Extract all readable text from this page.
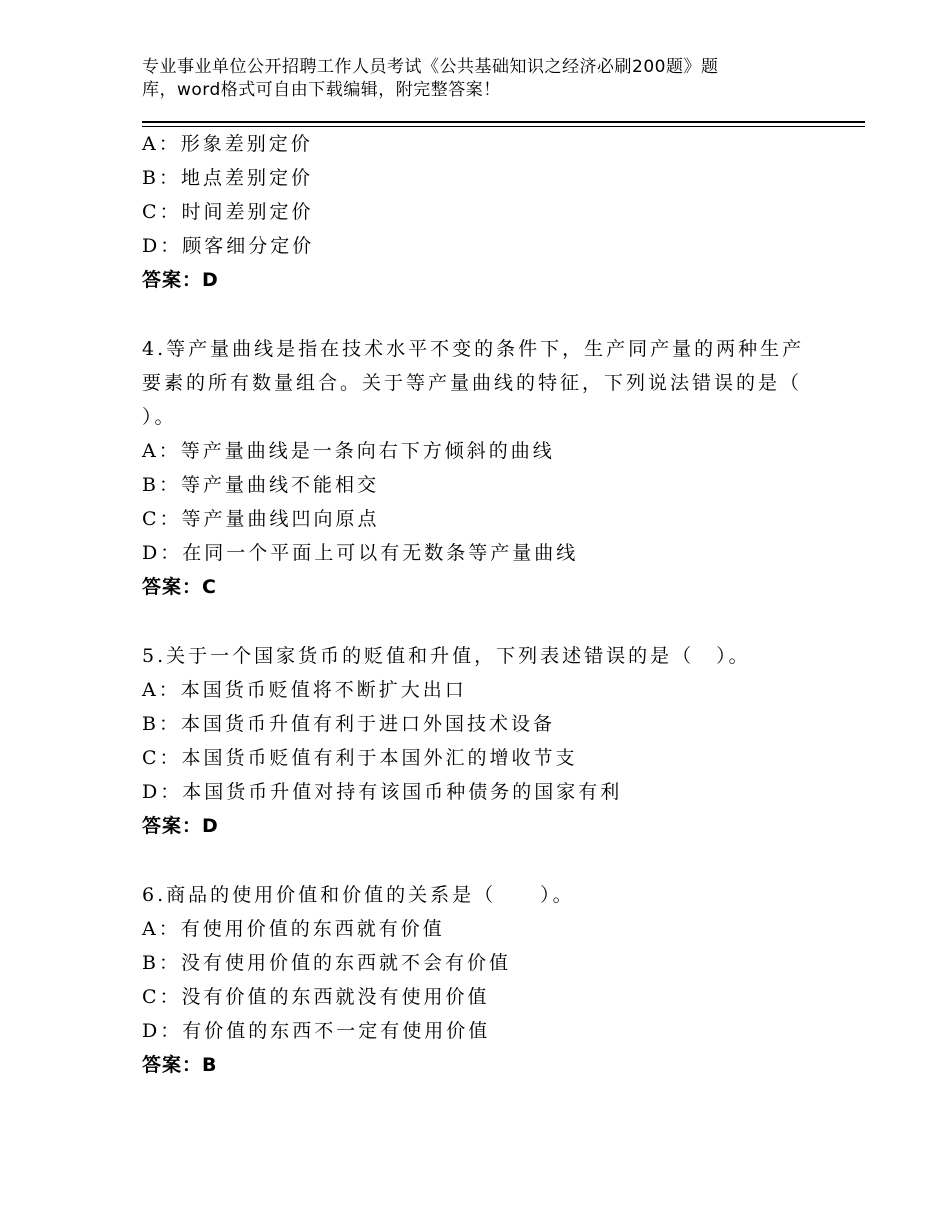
专业事业单位公开招聘工作人员考试《公共基础知识之经济必刷200题》题
库，word格式可自由下载编辑，附完整答案！
A：形象差别定价
B：地点差别定价
C：时间差别定价
D：顾客细分定价
答案：D
4.等产量曲线是指在技术水平不变的条件下，生产同产量的两种生产
要素的所有数量组合。关于等产量曲线的特征，下列说法错误的是（
）。
A：等产量曲线是一条向右下方倾斜的曲线
B：等产量曲线不能相交
C：等产量曲线凹向原点
D：在同一个平面上可以有无数条等产量曲线
答案：C
5.关于一个国家货币的贬值和升值，下列表述错误的是（　）。
A：本国货币贬值将不断扩大出口
B：本国货币升值有利于进口外国技术设备
C：本国货币贬值有利于本国外汇的增收节支
D：本国货币升值对持有该国币种债务的国家有利
答案：D
6.商品的使用价值和价值的关系是（　　）。
A：有使用价值的东西就有价值
B：没有使用价值的东西就不会有价值
C：没有价值的东西就没有使用价值
D：有价值的东西不一定有使用价值
答案：B
